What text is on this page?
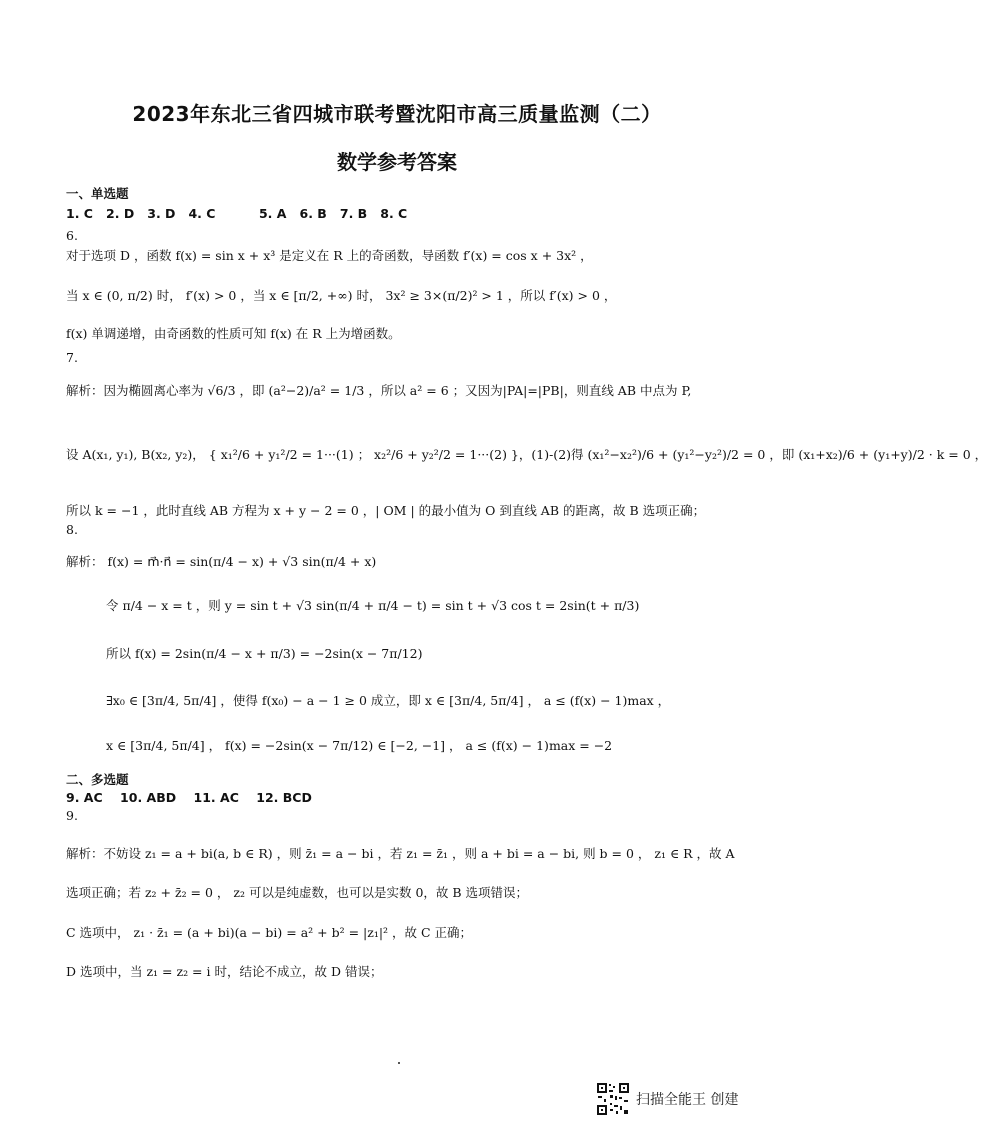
2023年东北三省四城市联考暨沈阳市高三质量监测（二）
数学参考答案
一、单选题
1. C   2. D   3. D   4. C          5. A   6. B   7. B   8. C
6.
对于选项 D ，函数 f(x) = sin x + x³ 是定义在 R 上的奇函数，导函数 f′(x) = cos x + 3x² ，
当 x ∈ (0, π/2) 时， f′(x) > 0 ，当 x ∈ [π/2, +∞) 时， 3x² ≥ 3×(π/2)² > 1 ，所以 f′(x) > 0 ，
f(x) 单调递增，由奇函数的性质可知 f(x) 在 R 上为增函数。
7.
解析：因为椭圆离心率为 √6/3 ，即 (a²−2)/a² = 1/3 ，所以 a² = 6 ；又因为|PA|=|PB|，则直线 AB 中点为 P,
设 A(x₁, y₁), B(x₂, y₂)， { x₁²/6 + y₁²/2 = 1···(1) ； x₂²/6 + y₂²/2 = 1···(2) }，(1)-(2)得 (x₁²−x₂²)/6 + (y₁²−y₂²)/2 = 0 ，即 (x₁+x₂)/6 + (y₁+y)/2 · k = 0 ，
所以 k = −1 ，此时直线 AB 方程为 x + y − 2 = 0 ，| OM | 的最小值为 O 到直线 AB 的距离，故 B 选项正确；
8.
解析： f(x) = m⃗·n⃗ = sin(π/4 − x) + √3 sin(π/4 + x)
令 π/4 − x = t ，则 y = sin t + √3 sin(π/4 + π/4 − t) = sin t + √3 cos t = 2sin(t + π/3)
所以 f(x) = 2sin(π/4 − x + π/3) = −2sin(x − 7π/12)
∃x₀ ∈ [3π/4, 5π/4] ，使得 f(x₀) − a − 1 ≥ 0 成立，即 x ∈ [3π/4, 5π/4] ， a ≤ (f(x) − 1)max ，
x ∈ [3π/4, 5π/4] ， f(x) = −2sin(x − 7π/12) ∈ [−2, −1] ， a ≤ (f(x) − 1)max = −2
二、多选题
9. AC    10. ABD    11. AC    12. BCD
9.
解析：不妨设 z₁ = a + bi(a, b ∈ R) ，则 z̄₁ = a − bi ，若 z₁ = z̄₁ ，则 a + bi = a − bi, 则 b = 0 ， z₁ ∈ R ，故 A
选项正确；若 z₂ + z̄₂ = 0 ， z₂ 可以是纯虚数，也可以是实数 0，故 B 选项错误；
C 选项中， z₁ · z̄₁ = (a + bi)(a − bi) = a² + b² = |z₁|² ，故 C 正确；
D 选项中，当 z₁ = z₂ = i 时，结论不成立，故 D 错误；
扫描全能王 创建
